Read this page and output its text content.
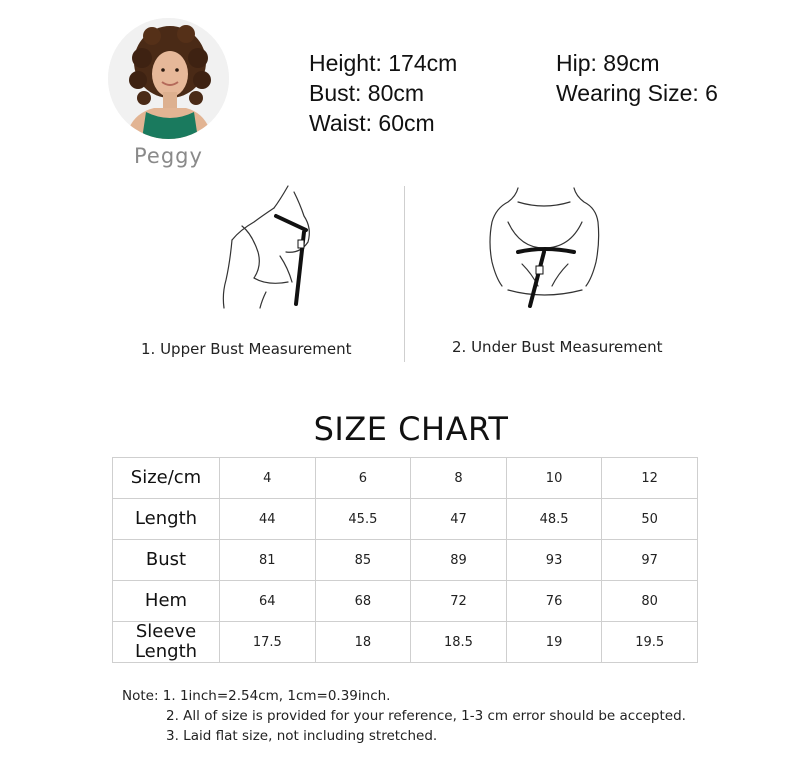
Peggy
Height: 174cm
Bust: 80cm
Waist: 60cm
Hip: 89cm
Wearing Size: 6
1. Upper Bust Measurement	2. Under Bust Measurement
SIZE CHART
Size/cm	4	6	8	10	12
Length	44	45.5	47	48.5	50
Bust	81	85	89	93	97
Hem	64	68	72	76	80

Sleeve
Length	17.5	18	18.5	19	19.5
Note: 1. 1inch=2.54cm, 1cm=0.39inch.
2. All of size is provided for your reference, 1-3 cm error should be accepted.
3. Laid flat size, not including stretched.
